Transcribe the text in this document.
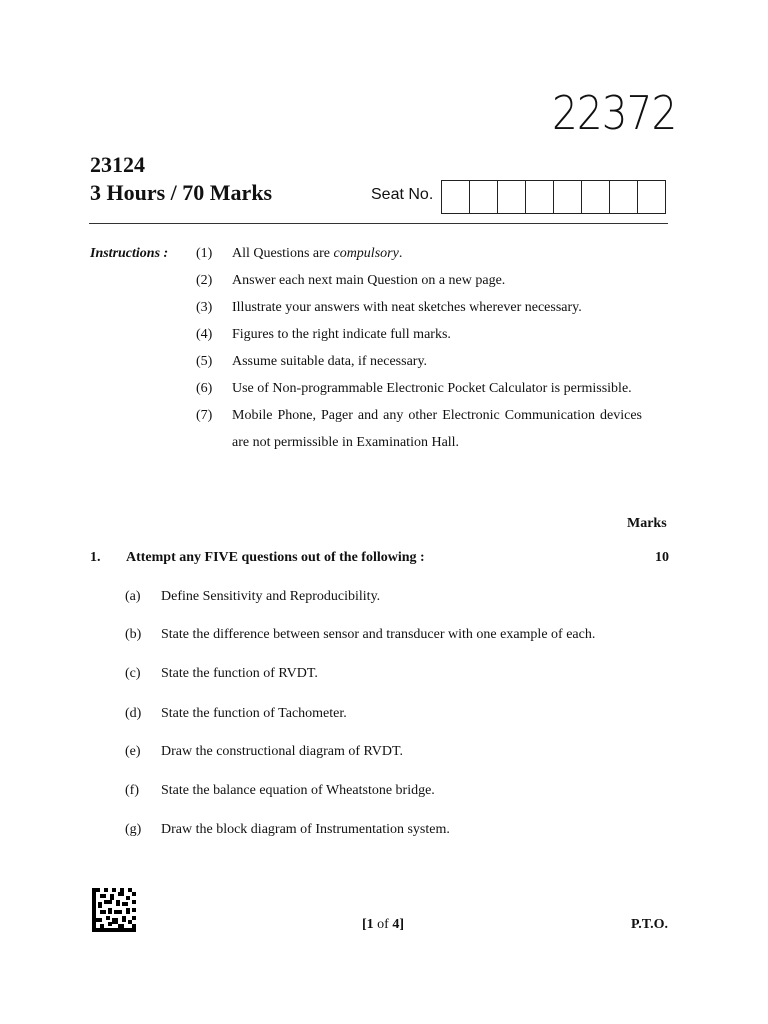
22372
23124
3 Hours / 70 Marks	Seat No.
Instructions : (1) All Questions are compulsory.
(2) Answer each next main Question on a new page.
(3) Illustrate your answers with neat sketches wherever necessary.
(4) Figures to the right indicate full marks.
(5) Assume suitable data, if necessary.
(6) Use of Non-programmable Electronic Pocket Calculator is permissible.
(7) Mobile Phone, Pager and any other Electronic Communication devices are not permissible in Examination Hall.
Marks
1. Attempt any FIVE questions out of the following :	10
(a) Define Sensitivity and Reproducibility.
(b) State the difference between sensor and transducer with one example of each.
(c) State the function of RVDT.
(d) State the function of Tachometer.
(e) Draw the constructional diagram of RVDT.
(f) State the balance equation of Wheatstone bridge.
(g) Draw the block diagram of Instrumentation system.
[1 of 4]	P.T.O.
